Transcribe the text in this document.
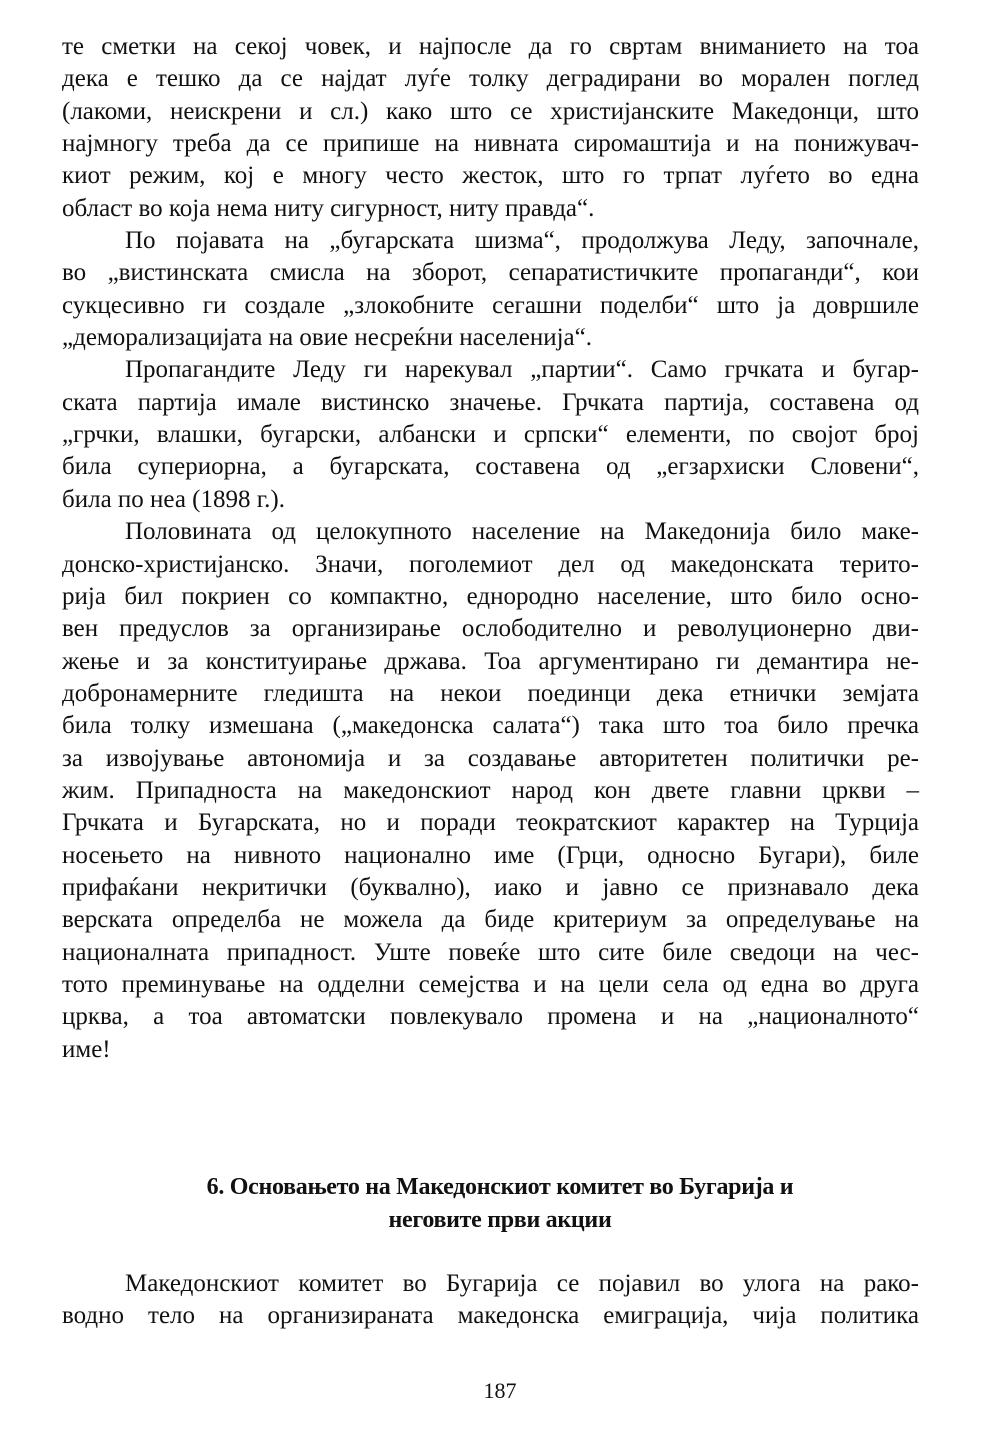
те сметки на секој човек, и најпосле да го свртам вниманието на тоа
дека е тешко да се најдат луѓе толку деградирани во морален поглед
(лакоми, неискрени и сл.) како што се христијанските Македонци, што
најмногу треба да се припише на нивната сиромаштија и на понижувач-
киот режим, кој е многу често жесток, што го трпат луѓето во една
област во која нема ниту сигурност, ниту правда“.
По појавата на „бугарската шизма“, продолжува Леду, започнале,
во „вистинската смисла на зборот, сепаратистичките пропаганди“, кои
сукцесивно ги создале „злокобните сегашни поделби“ што ја довршиле
„деморализацијата на овие несреќни населенија“.
Пропагандите Леду ги нарекувал „партии“. Само грчката и бугар-
ската партија имале вистинско значење. Грчката партија, составена од
„грчки, влашки, бугарски, албански и српски“ елементи, по својот број
била супериорна, а бугарската, составена од „егзархиски Словени“,
била по неа (1898 г.).
Половината од целокупното население на Македонија било маке-
донско-христијанско. Значи, поголемиот дел од македонската терито-
рија бил покриен со компактно, еднородно население, што било осно-
вен предуслов за организирање ослободително и револуционерно дви-
жење и за конституирање држава. Тоа аргументирано ги демантира не-
добронамерните гледишта на некои поединци дека етнички земјата
била толку измешана („македонска салата“) така што тоа било пречка
за извојување автономија и за создавање авторитетен политички ре-
жим. Припадноста на македонскиот народ кон двете главни цркви –
Грчката и Бугарската, но и поради теократскиот карактер на Турција
носењето на нивното национално име (Грци, односно Бугари), биле
прифаќани некритички (буквално), иако и јавно се признавало дека
верската определба не можела да биде критериум за определување на
националната припадност. Уште повеќе што сите биле сведоци на чес-
тото преминување на одделни семејства и на цели села од една во друга
црква, а тоа автоматски повлекувало промена и на „националното“
име!
6. Основањето на Македонскиот комитет во Бугарија и
неговите први акции
Македонскиот комитет во Бугарија се појавил во улога на рако-
водно тело на организираната македонска емиграција, чија политика
187
